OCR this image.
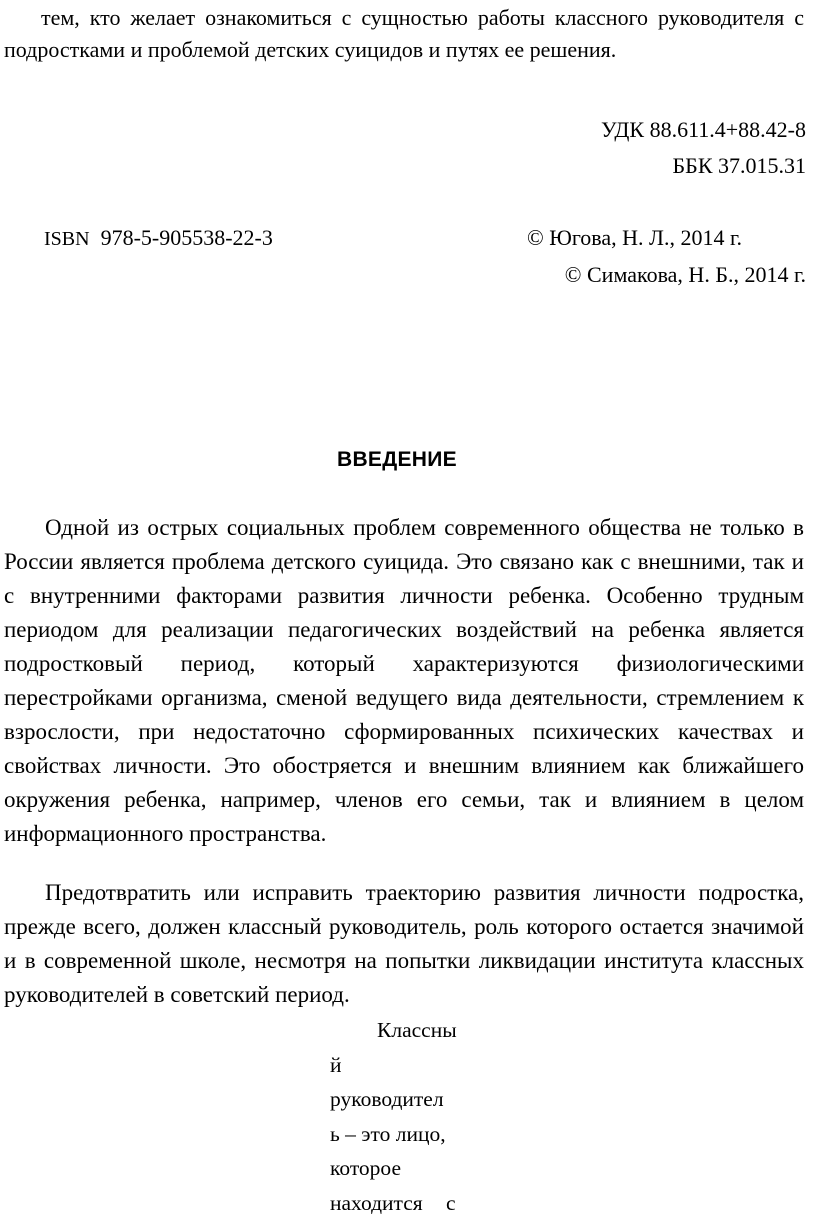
тем, кто желает ознакомиться с сущностью работы классного руководителя с подростками и проблемой детских суицидов и путях ее решения.
УДК 88.611.4+88.42-8
ББК 37.015.31
ISBN 978-5-905538-22-3	© Югова, Н. Л., 2014 г.
© Симакова, Н. Б., 2014 г.
ВВЕДЕНИЕ
Одной из острых социальных проблем современного общества не только в России является проблема детского суицида. Это связано как с внешними, так и с внутренними факторами развития личности ребенка. Особенно трудным периодом для реализации педагогических воздействий на ребенка является подростковый период, который характеризуются физиологическими перестройками организма, сменой ведущего вида деятельности, стремлением к взрослости, при недостаточно сформированных психических качествах и свойствах личности. Это обостряется и внешним влиянием как ближайшего окружения ребенка, например, членов его семьи, так и влиянием в целом информационного пространства.
Предотвратить или исправить траекторию развития личности подростка, прежде всего, должен классный руководитель, роль которого остается значимой и в современной школе, несмотря на попытки ликвидации института классных руководителей в советский период.
Классны
й
руководител
ь – это лицо,
которое
находится с
